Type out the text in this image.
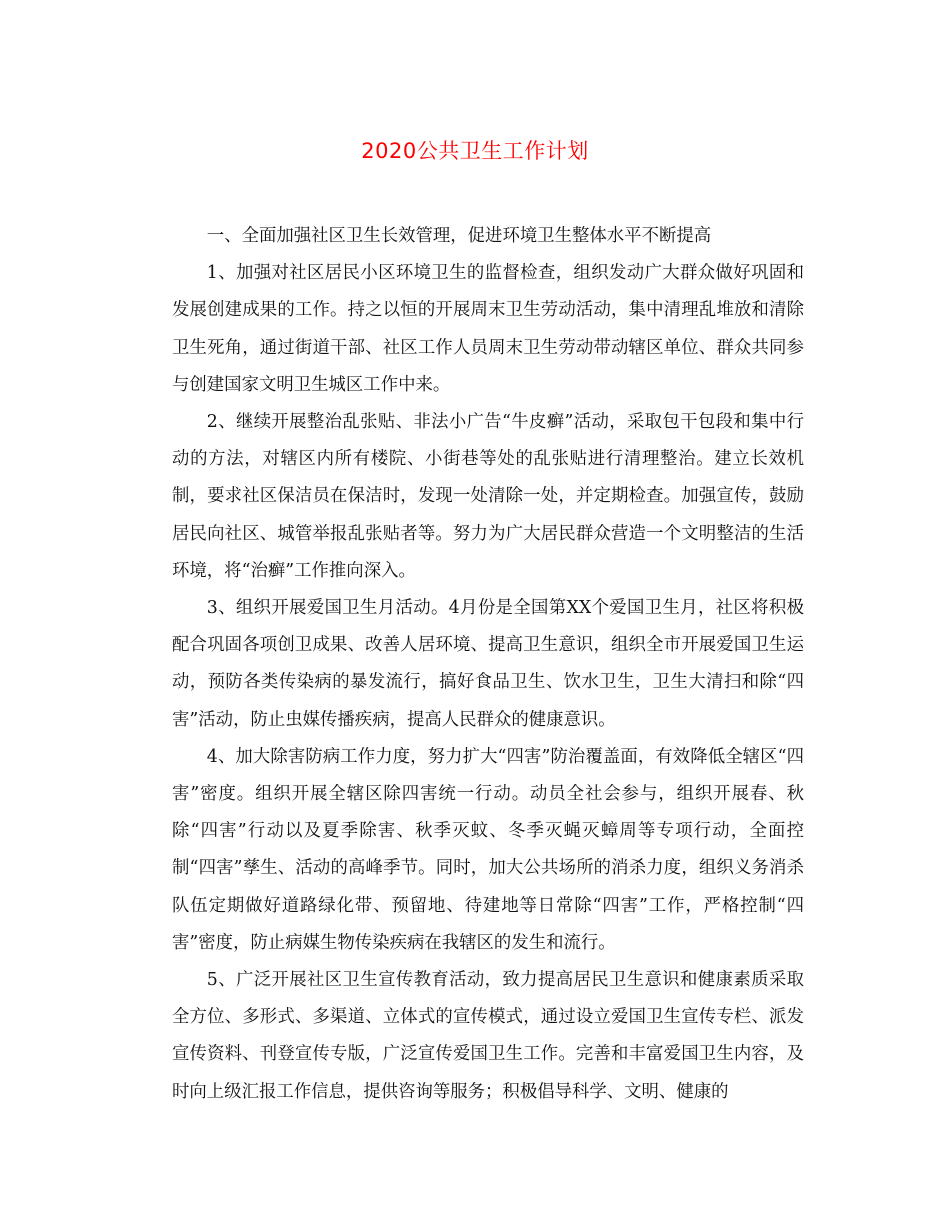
2020公共卫生工作计划

一、全面加强社区卫生长效管理，促进环境卫生整体水平不断提高

1、加强对社区居民小区环境卫生的监督检查，组织发动广大群众做好巩固和发展创建成果的工作。持之以恒的开展周末卫生劳动活动，集中清理乱堆放和清除卫生死角，通过街道干部、社区工作人员周末卫生劳动带动辖区单位、群众共同参与创建国家文明卫生城区工作中来。

2、继续开展整治乱张贴、非法小广告“牛皮癣”活动，采取包干包段和集中行动的方法，对辖区内所有楼院、小街巷等处的乱张贴进行清理整治。建立长效机制，要求社区保洁员在保洁时，发现一处清除一处，并定期检查。加强宣传，鼓励居民向社区、城管举报乱张贴者等。努力为广大居民群众营造一个文明整洁的生活环境，将“治癣”工作推向深入。

3、组织开展爱国卫生月活动。4月份是全国第XX个爱国卫生月，社区将积极配合巩固各项创卫成果、改善人居环境、提高卫生意识，组织全市开展爱国卫生运动，预防各类传染病的暴发流行，搞好食品卫生、饮水卫生，卫生大清扫和除“四害”活动，防止虫媒传播疾病，提高人民群众的健康意识。

4、加大除害防病工作力度，努力扩大“四害”防治覆盖面，有效降低全辖区“四害”密度。组织开展全辖区除四害统一行动。动员全社会参与，组织开展春、秋除“四害”行动以及夏季除害、秋季灭蚊、冬季灭蝇灭蟑周等专项行动，全面控制“四害”孳生、活动的高峰季节。同时，加大公共场所的消杀力度，组织义务消杀队伍定期做好道路绿化带、预留地、待建地等日常除“四害”工作，严格控制“四害”密度，防止病媒生物传染疾病在我辖区的发生和流行。

5、广泛开展社区卫生宣传教育活动，致力提高居民卫生意识和健康素质采取全方位、多形式、多渠道、立体式的宣传模式，通过设立爱国卫生宣传专栏、派发宣传资料、刊登宣传专版，广泛宣传爱国卫生工作。完善和丰富爱国卫生内容，及时向上级汇报工作信息，提供咨询等服务；积极倡导科学、文明、健康的
